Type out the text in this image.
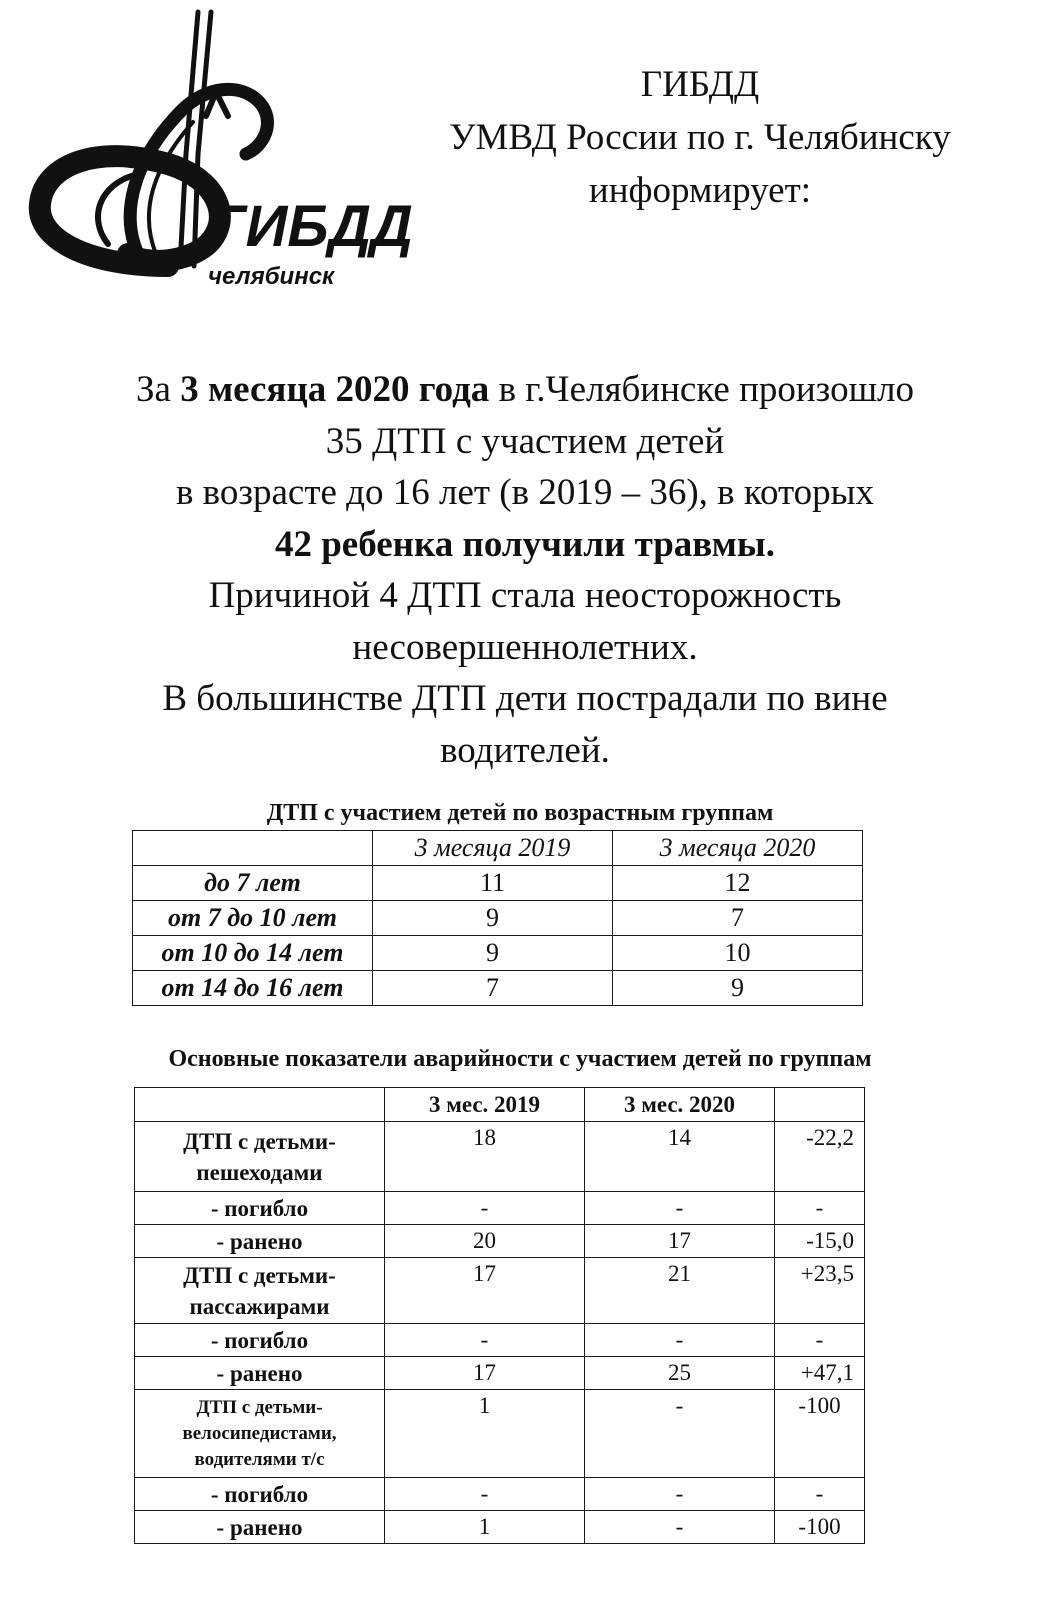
ГИБДД
челябинск
ГИБДД
УМВД России по г. Челябинску
информирует:
За 3 месяца 2020 года в г.Челябинске произошло
35 ДТП с участием детей
в возрасте до 16 лет (в 2019 – 36), в которых
42 ребенка получили травмы.
Причиной 4 ДТП стала неосторожность
несовершеннолетних.
В большинстве ДТП дети пострадали по вине
водителей.
ДТП с участием детей по возрастным группам
	3 месяца 2019	3 месяца 2020
до 7 лет	11	12
от 7 до 10 лет	9	7
от 10 до 14 лет	9	10
от 14 до 16 лет	7	9
Основные показатели аварийности с участием детей по группам
	3 мес. 2019	3 мес. 2020	

ДТП с детьми-
пешеходами	18	14	-22,2
- погибло	-	-	-
- ранено	20	17	-15,0

ДТП с детьми-
пассажирами	17	21	+23,5
- погибло	-	-	-
- ранено	17	25	+47,1

ДТП с детьми-
велосипедистами,
водителями т/с	1	-	-100
- погибло	-	-	-
- ранено	1	-	-100
